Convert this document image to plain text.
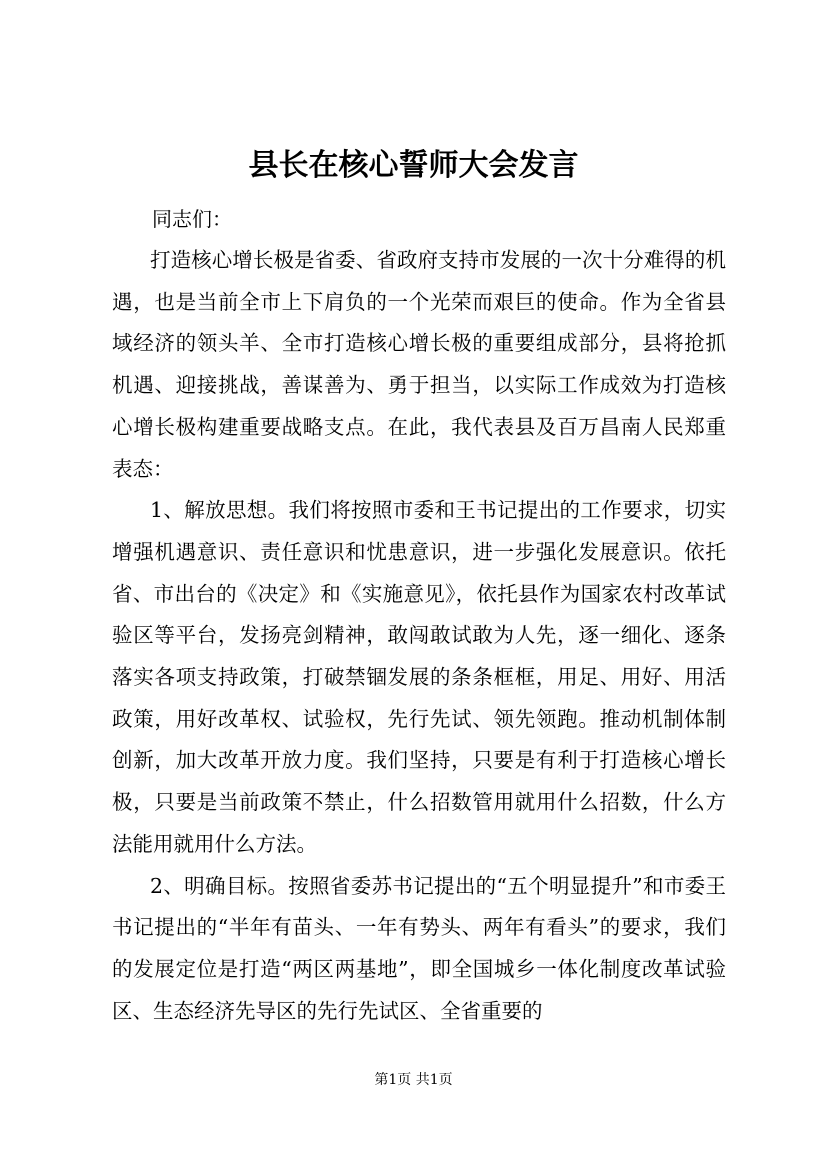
县长在核心誓师大会发言
同志们：

打造核心增长极是省委、省政府支持市发展的一次十分难得的机遇，也是当前全市上下肩负的一个光荣而艰巨的使命。作为全省县域经济的领头羊、全市打造核心增长极的重要组成部分，县将抢抓机遇、迎接挑战，善谋善为、勇于担当，以实际工作成效为打造核心增长极构建重要战略支点。在此，我代表县及百万昌南人民郑重表态：

1、解放思想。我们将按照市委和王书记提出的工作要求，切实增强机遇意识、责任意识和忧患意识，进一步强化发展意识。依托省、市出台的《决定》和《实施意见》，依托县作为国家农村改革试验区等平台，发扬亮剑精神，敢闯敢试敢为人先，逐一细化、逐条落实各项支持政策，打破禁锢发展的条条框框，用足、用好、用活政策，用好改革权、试验权，先行先试、领先领跑。推动机制体制创新，加大改革开放力度。我们坚持，只要是有利于打造核心增长极，只要是当前政策不禁止，什么招数管用就用什么招数，什么方法能用就用什么方法。

2、明确目标。按照省委苏书记提出的“五个明显提升”和市委王书记提出的“半年有苗头、一年有势头、两年有看头”的要求，我们的发展定位是打造“两区两基地”，即全国城乡一体化制度改革试验区、生态经济先导区的先行先试区、全省重要的

第1页 共1页
